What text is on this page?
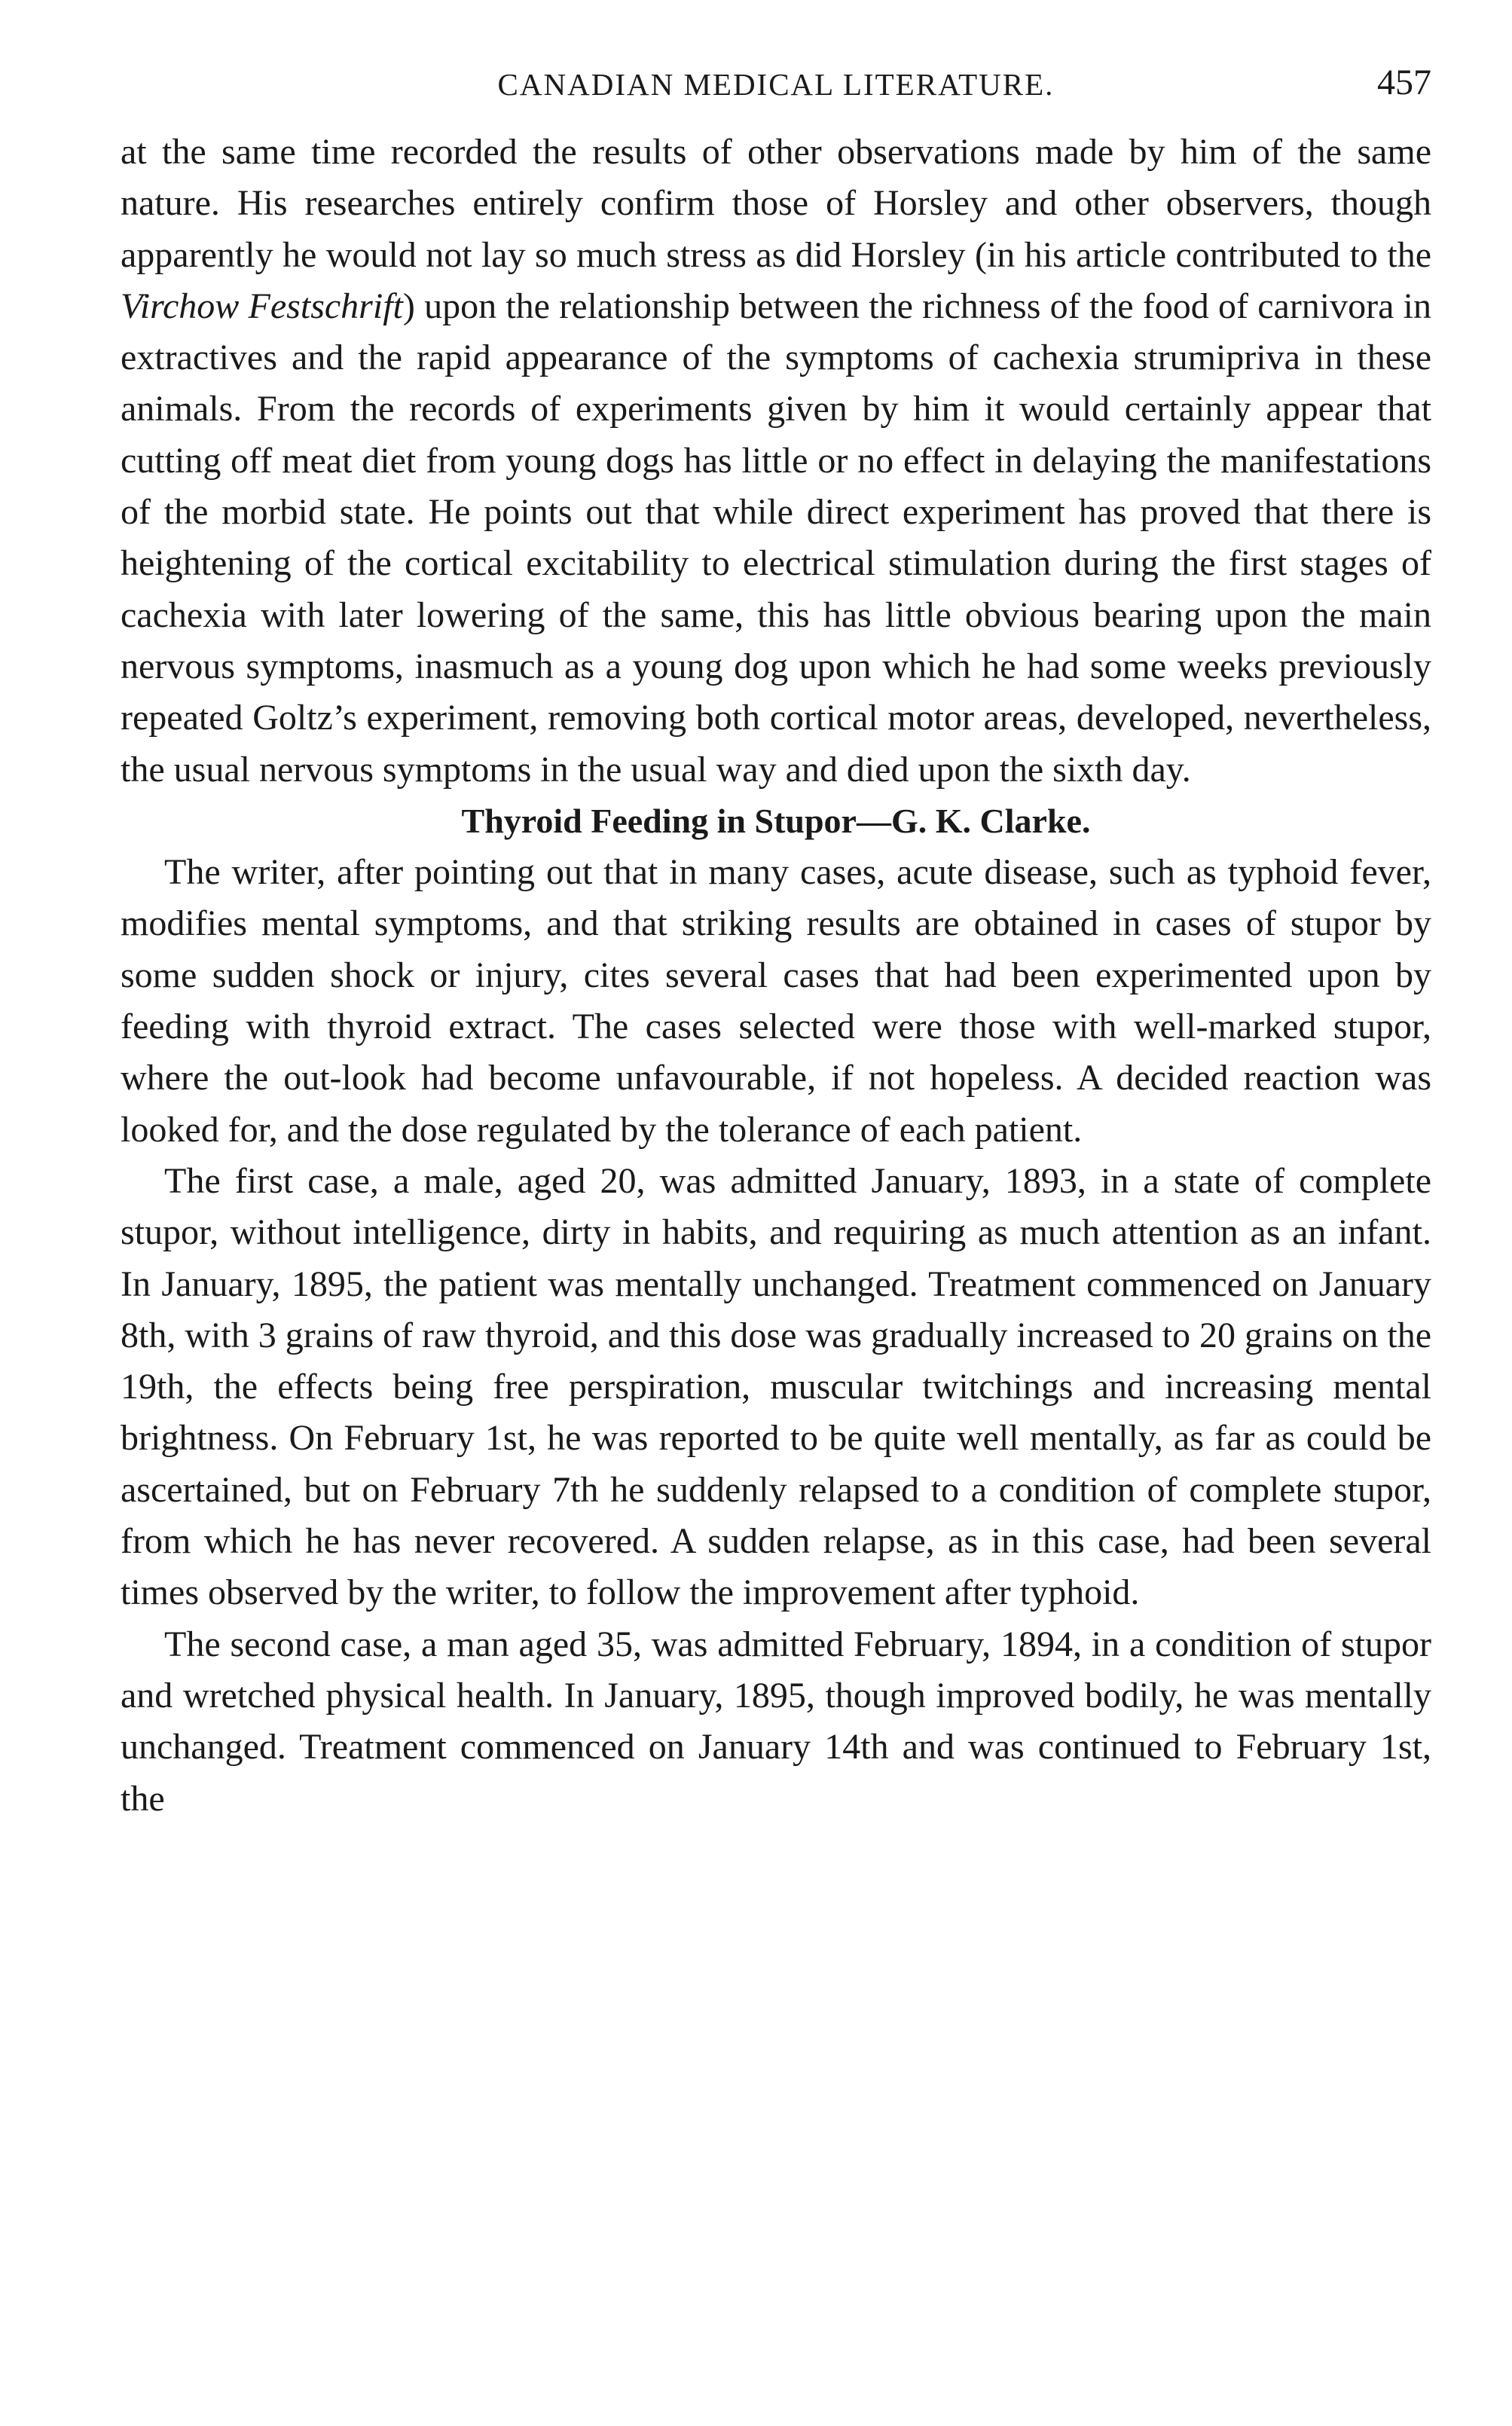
CANADIAN MEDICAL LITERATURE.	457

at the same time recorded the results of other observations made by him of the same nature. His researches entirely confirm those of Horsley and other observers, though apparently he would not lay so much stress as did Horsley (in his article contributed to the Virchow Festschrift) upon the relationship between the richness of the food of carnivora in extractives and the rapid appearance of the symptoms of cachexia strumipriva in these animals. From the records of experiments given by him it would certainly appear that cutting off meat diet from young dogs has little or no effect in delaying the manifestations of the morbid state. He points out that while direct experiment has proved that there is heightening of the cortical excitability to electrical stimulation during the first stages of cachexia with later lowering of the same, this has little obvious bearing upon the main nervous symptoms, inasmuch as a young dog upon which he had some weeks previously repeated Goltz’s experiment, removing both cortical motor areas, developed, nevertheless, the usual nervous symptoms in the usual way and died upon the sixth day.

Thyroid Feeding in Stupor—G. K. Clarke.

The writer, after pointing out that in many cases, acute disease, such as typhoid fever, modifies mental symptoms, and that striking results are obtained in cases of stupor by some sudden shock or injury, cites several cases that had been experimented upon by feeding with thyroid extract. The cases selected were those with well-marked stupor, where the out-look had become unfavourable, if not hopeless. A decided reaction was looked for, and the dose regulated by the tolerance of each patient.

The first case, a male, aged 20, was admitted January, 1893, in a state of complete stupor, without intelligence, dirty in habits, and requiring as much attention as an infant. In January, 1895, the patient was mentally unchanged. Treatment commenced on January 8th, with 3 grains of raw thyroid, and this dose was gradually increased to 20 grains on the 19th, the effects being free perspiration, muscular twitchings and increasing mental brightness. On February 1st, he was reported to be quite well mentally, as far as could be ascertained, but on February 7th he suddenly relapsed to a condition of complete stupor, from which he has never recovered. A sudden relapse, as in this case, had been several times observed by the writer, to follow the improvement after typhoid.

The second case, a man aged 35, was admitted February, 1894, in a condition of stupor and wretched physical health. In January, 1895, though improved bodily, he was mentally unchanged. Treatment commenced on January 14th and was continued to February 1st, the
